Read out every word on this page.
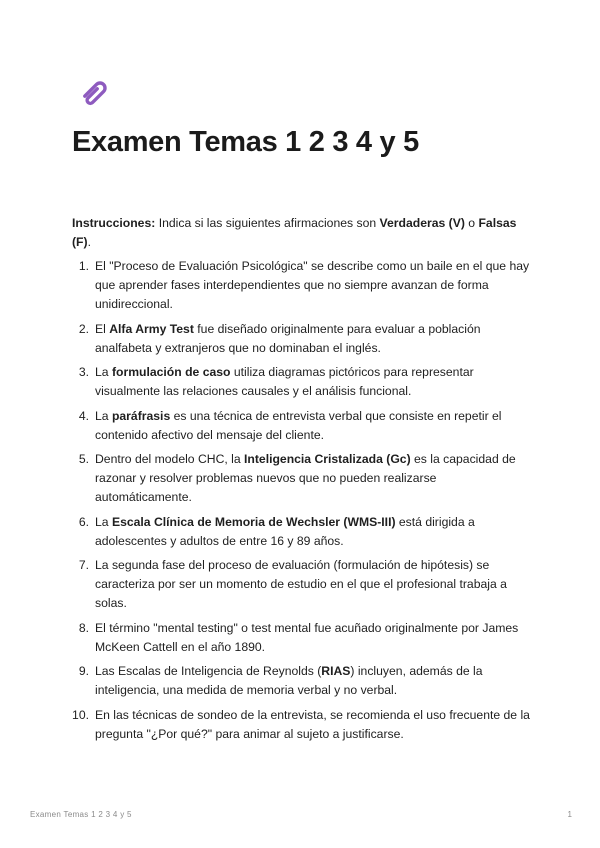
Examen Temas 1 2 3 4 y 5

Instrucciones: Indica si las siguientes afirmaciones son Verdaderas (V) o Falsas (F).

1. El "Proceso de Evaluación Psicológica" se describe como un baile en el que hay que aprender fases interdependientes que no siempre avanzan de forma unidireccional.
2. El Alfa Army Test fue diseñado originalmente para evaluar a población analfabeta y extranjeros que no dominaban el inglés.
3. La formulación de caso utiliza diagramas pictóricos para representar visualmente las relaciones causales y el análisis funcional.
4. La paráfrasis es una técnica de entrevista verbal que consiste en repetir el contenido afectivo del mensaje del cliente.
5. Dentro del modelo CHC, la Inteligencia Cristalizada (Gc) es la capacidad de razonar y resolver problemas nuevos que no pueden realizarse automáticamente.
6. La Escala Clínica de Memoria de Wechsler (WMS-III) está dirigida a adolescentes y adultos de entre 16 y 89 años.
7. La segunda fase del proceso de evaluación (formulación de hipótesis) se caracteriza por ser un momento de estudio en el que el profesional trabaja a solas.
8. El término "mental testing" o test mental fue acuñado originalmente por James McKeen Cattell en el año 1890.
9. Las Escalas de Inteligencia de Reynolds (RIAS) incluyen, además de la inteligencia, una medida de memoria verbal y no verbal.
10. En las técnicas de sondeo de la entrevista, se recomienda el uso frecuente de la pregunta "¿Por qué?" para animar al sujeto a justificarse.
Examen Temas 1 2 3 4 y 5	1
